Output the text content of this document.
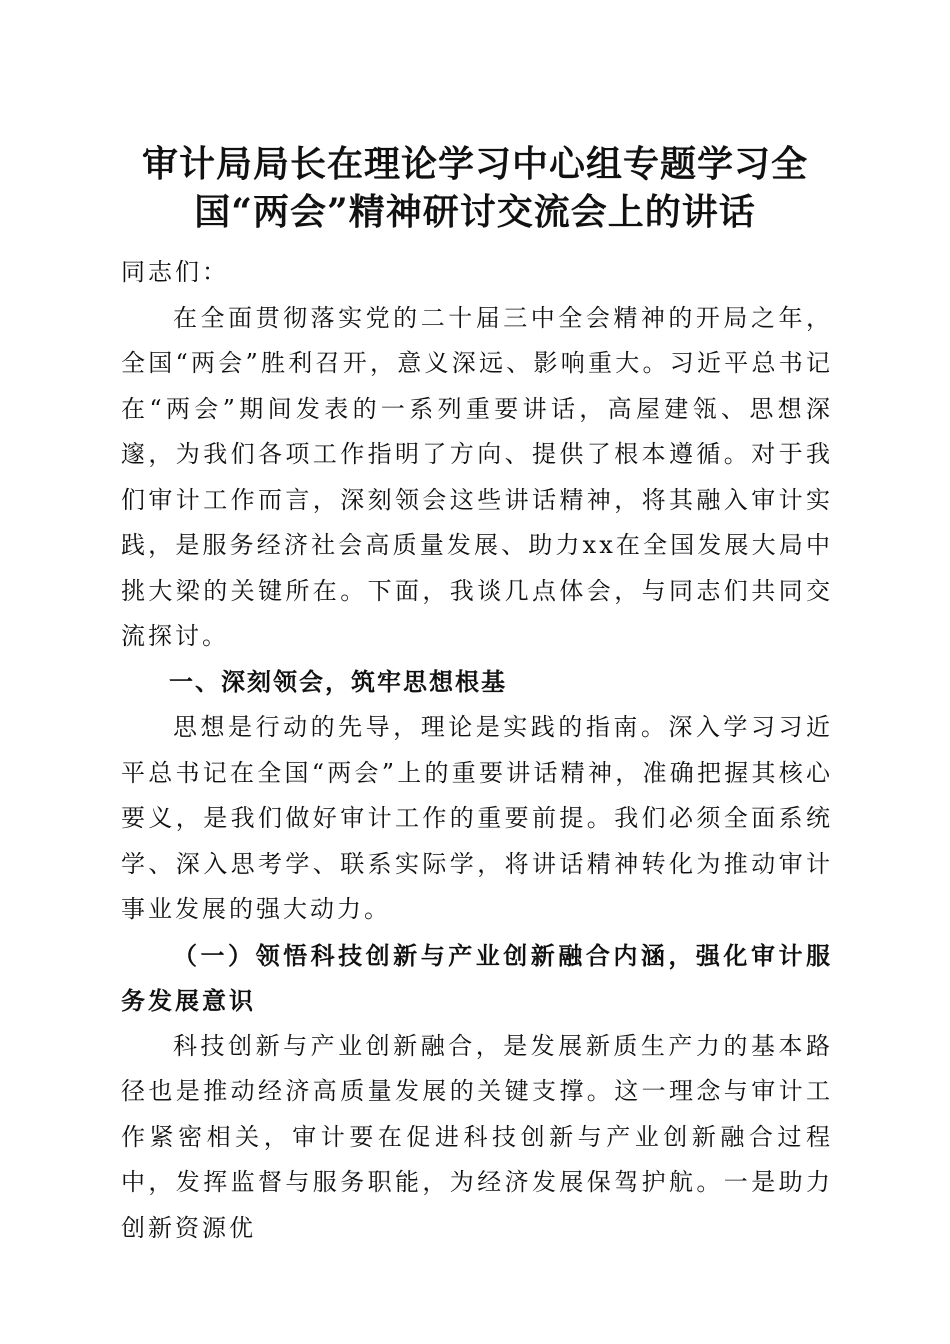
审计局局长在理论学习中心组专题学习全
国“两会”精神研讨交流会上的讲话

同志们：

在全面贯彻落实党的二十届三中全会精神的开局之年，全国“两会”胜利召开，意义深远、影响重大。习近平总书记在“两会”期间发表的一系列重要讲话，高屋建瓴、思想深邃，为我们各项工作指明了方向、提供了根本遵循。对于我们审计工作而言，深刻领会这些讲话精神，将其融入审计实践，是服务经济社会高质量发展、助力xx在全国发展大局中挑大梁的关键所在。下面，我谈几点体会，与同志们共同交流探讨。

一、深刻领会，筑牢思想根基

思想是行动的先导，理论是实践的指南。深入学习习近平总书记在全国“两会”上的重要讲话精神，准确把握其核心要义，是我们做好审计工作的重要前提。我们必须全面系统学、深入思考学、联系实际学，将讲话精神转化为推动审计事业发展的强大动力。

（一）领悟科技创新与产业创新融合内涵，强化审计服务发展意识

科技创新与产业创新融合，是发展新质生产力的基本路径也是推动经济高质量发展的关键支撑。这一理念与审计工作紧密相关，审计要在促进科技创新与产业创新融合过程中，发挥监督与服务职能，为经济发展保驾护航。一是助力创新资源优
